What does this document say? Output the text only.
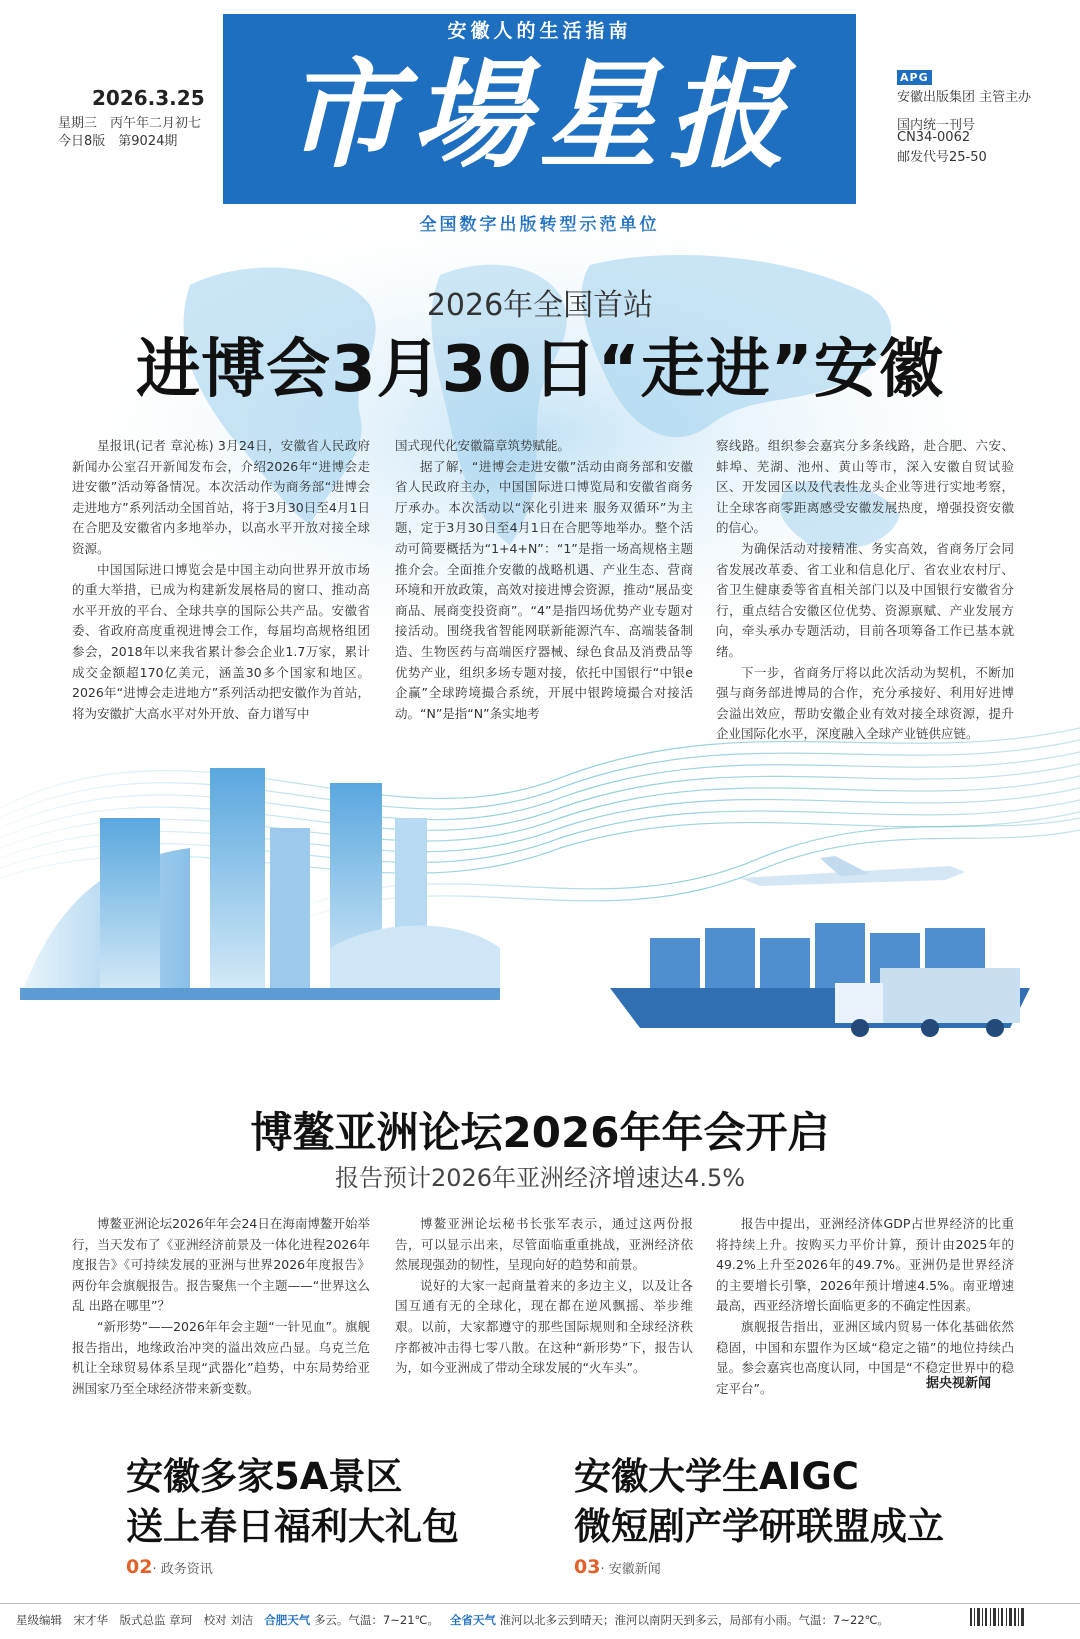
安徽人的生活指南
市場星报
2026.3.25
星期三　丙午年二月初七
今日8版　第9024期
APG
安徽出版集团 主管主办
国内统一刊号
CN34-0062
邮发代号25-50
2026年全国首站
进博会3月30日“走进”安徽

星报讯(记者 章沁栋) 3月24日，安徽省人民政府新闻办公室召开新闻发布会，介绍2026年“进博会走进安徽”活动筹备情况。本次活动作为商务部“进博会走进地方”系列活动全国首站，将于3月30日至4月1日在合肥及安徽省内多地举办，以高水平开放对接全球资源。

中国国际进口博览会是中国主动向世界开放市场的重大举措，已成为构建新发展格局的窗口、推动高水平开放的平台、全球共享的国际公共产品。安徽省委、省政府高度重视进博会工作，每届均高规格组团参会，2018年以来我省累计参会企业1.7万家，累计成交金额超170亿美元，涵盖30多个国家和地区。2026年“进博会走进地方”系列活动把安徽作为首站，将为安徽扩大高水平对外开放、奋力谱写中

国式现代化安徽篇章筑势赋能。

据了解，“进博会走进安徽”活动由商务部和安徽省人民政府主办，中国国际进口博览局和安徽省商务厅承办。本次活动以“深化引进来 服务双循环”为主题，定于3月30日至4月1日在合肥等地举办。整个活动可简要概括为“1+4+N”：“1”是指一场高规格主题推介会。全面推介安徽的战略机遇、产业生态、营商环境和开放政策，高效对接进博会资源，推动“展品变商品、展商变投资商”。“4”是指四场优势产业专题对接活动。围绕我省智能网联新能源汽车、高端装备制造、生物医药与高端医疗器械、绿色食品及消费品等优势产业，组织多场专题对接，依托中国银行“中银e企赢”全球跨境撮合系统，开展中银跨境撮合对接活动。“N”是指“N”条实地考

察线路。组织参会嘉宾分多条线路，赴合肥、六安、蚌埠、芜湖、池州、黄山等市，深入安徽自贸试验区、开发园区以及代表性龙头企业等进行实地考察，让全球客商零距离感受安徽发展热度，增强投资安徽的信心。

为确保活动对接精准、务实高效，省商务厅会同省发展改革委、省工业和信息化厅、省农业农村厅、省卫生健康委等省直相关部门以及中国银行安徽省分行，重点结合安徽区位优势、资源禀赋、产业发展方向，牵头承办专题活动，目前各项筹备工作已基本就绪。

下一步，省商务厅将以此次活动为契机，不断加强与商务部进博局的合作，充分承接好、利用好进博会溢出效应，帮助安徽企业有效对接全球资源，提升企业国际化水平，深度融入全球产业链供应链。

博鳌亚洲论坛2026年年会开启
报告预计2026年亚洲经济增速达4.5%

博鳌亚洲论坛2026年年会24日在海南博鳌开始举行，当天发布了《亚洲经济前景及一体化进程2026年度报告》《可持续发展的亚洲与世界2026年度报告》两份年会旗舰报告。报告聚焦一个主题——“世界这么乱 出路在哪里”？

“新形势”——2026年年会主题“一针见血”。旗舰报告指出，地缘政治冲突的溢出效应凸显。乌克兰危机让全球贸易体系呈现“武器化”趋势，中东局势给亚洲国家乃至全球经济带来新变数。

博鳌亚洲论坛秘书长张军表示，通过这两份报告，可以显示出来，尽管面临重重挑战，亚洲经济依然展现强劲的韧性，呈现向好的趋势和前景。

说好的大家一起商量着来的多边主义，以及让各国互通有无的全球化，现在都在逆风飘摇、举步维艰。以前，大家都遵守的那些国际规则和全球经济秩序都被冲击得七零八散。在这种“新形势”下，报告认为，如今亚洲成了带动全球发展的“火车头”。

报告中提出，亚洲经济体GDP占世界经济的比重将持续上升。按购买力平价计算，预计由2025年的49.2%上升至2026年的49.7%。亚洲仍是世界经济的主要增长引擎，2026年预计增速4.5%。南亚增速最高，西亚经济增长面临更多的不确定性因素。

旗舰报告指出，亚洲区域内贸易一体化基础依然稳固，中国和东盟作为区域“稳定之锚”的地位持续凸显。参会嘉宾也高度认同，中国是“不稳定世界中的稳定平台”。	据央视新闻
安徽多家5A景区
送上春日福利大礼包
02· 政务资讯
安徽大学生AIGC
微短剧产学研联盟成立
03· 安徽新闻
星级编辑　宋才华　版式总监 章珂　校对 刘洁 合肥天气 多云。气温：7~21℃。 全省天气 淮河以北多云到晴天；淮河以南阴天到多云，局部有小雨。气温：7~22℃。
